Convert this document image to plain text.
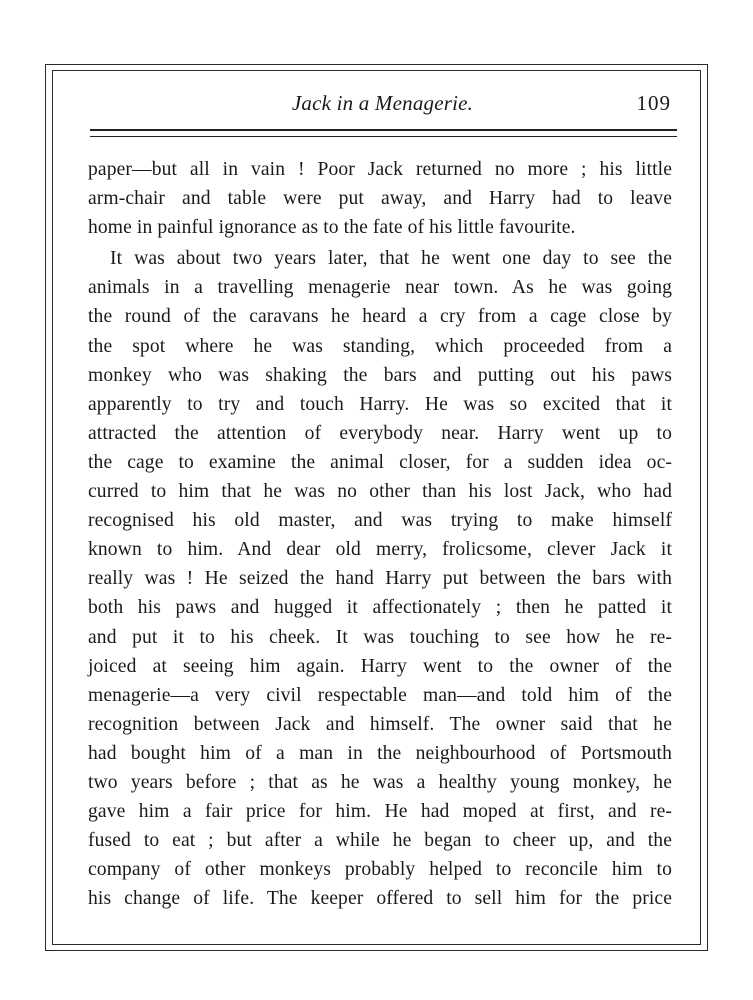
Jack in a Menagerie.	109
paper—but all in vain ! Poor Jack returned no more ; his little
arm-chair and table were put away, and Harry had to leave
home in painful ignorance as to the fate of his little favourite.
It was about two years later, that he went one day to see the
animals in a travelling menagerie near town. As he was going
the round of the caravans he heard a cry from a cage close by
the spot where he was standing, which proceeded from a
monkey who was shaking the bars and putting out his paws
apparently to try and touch Harry. He was so excited that it
attracted the attention of everybody near. Harry went up to
the cage to examine the animal closer, for a sudden idea oc-
curred to him that he was no other than his lost Jack, who had
recognised his old master, and was trying to make himself
known to him. And dear old merry, frolicsome, clever Jack it
really was ! He seized the hand Harry put between the bars with
both his paws and hugged it affectionately ; then he patted it
and put it to his cheek. It was touching to see how he re-
joiced at seeing him again. Harry went to the owner of the
menagerie—a very civil respectable man—and told him of the
recognition between Jack and himself. The owner said that he
had bought him of a man in the neighbourhood of Portsmouth
two years before ; that as he was a healthy young monkey, he
gave him a fair price for him. He had moped at first, and re-
fused to eat ; but after a while he began to cheer up, and the
company of other monkeys probably helped to reconcile him to
his change of life. The keeper offered to sell him for the price
